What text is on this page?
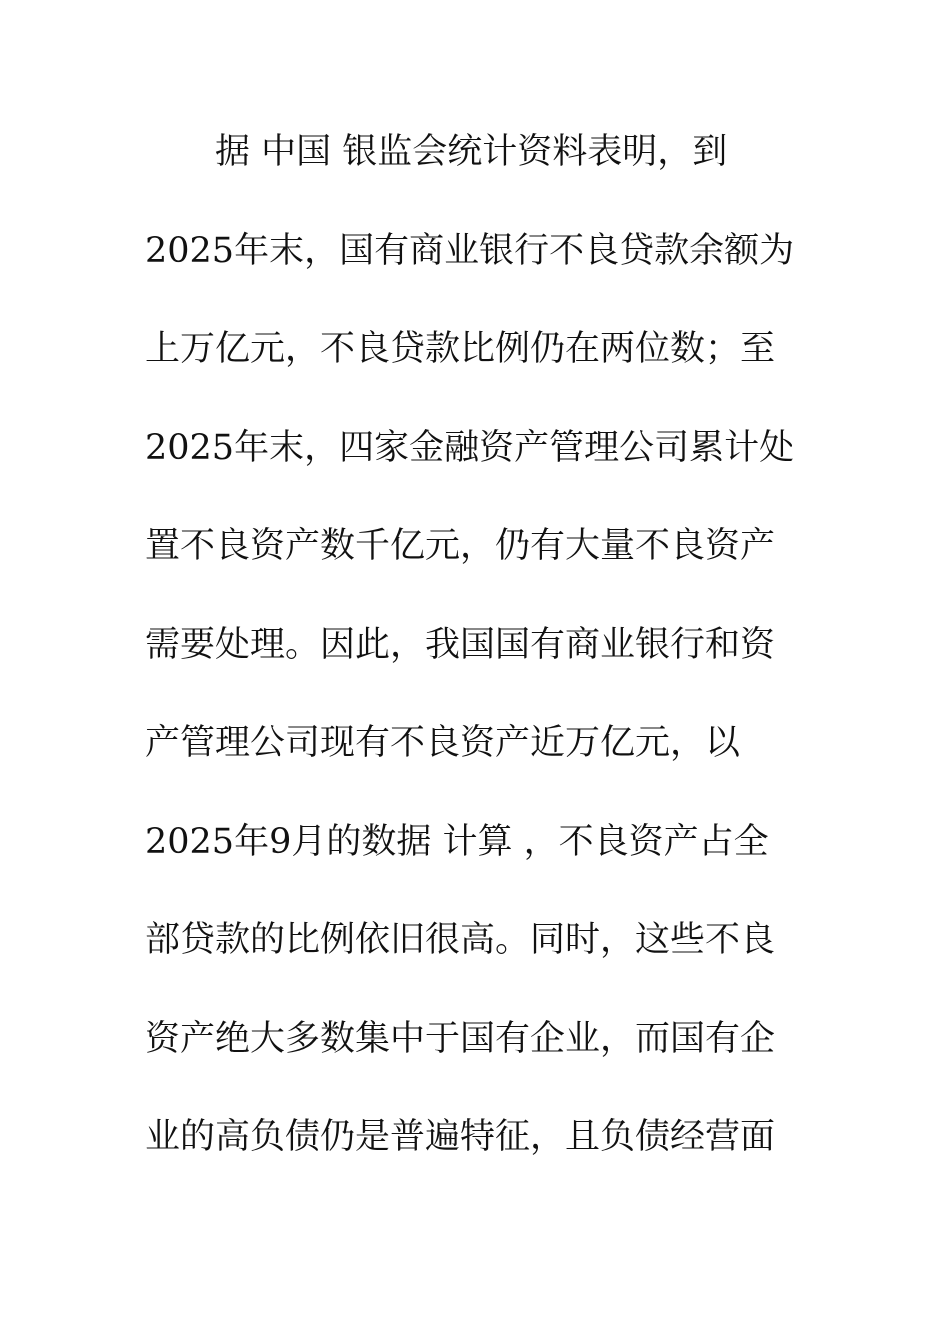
据 中国 银监会统计资料表明，到
2025年末，国有商业银行不良贷款余额为
上万亿元，不良贷款比例仍在两位数；至
2025年末，四家金融资产管理公司累计处
置不良资产数千亿元，仍有大量不良资产
需要处理。因此，我国国有商业银行和资
产管理公司现有不良资产近万亿元，以
2025年9月的数据 计算 ，不良资产占全
部贷款的比例依旧很高。同时，这些不良
资产绝大多数集中于国有企业，而国有企
业的高负债仍是普遍特征，且负债经营面
